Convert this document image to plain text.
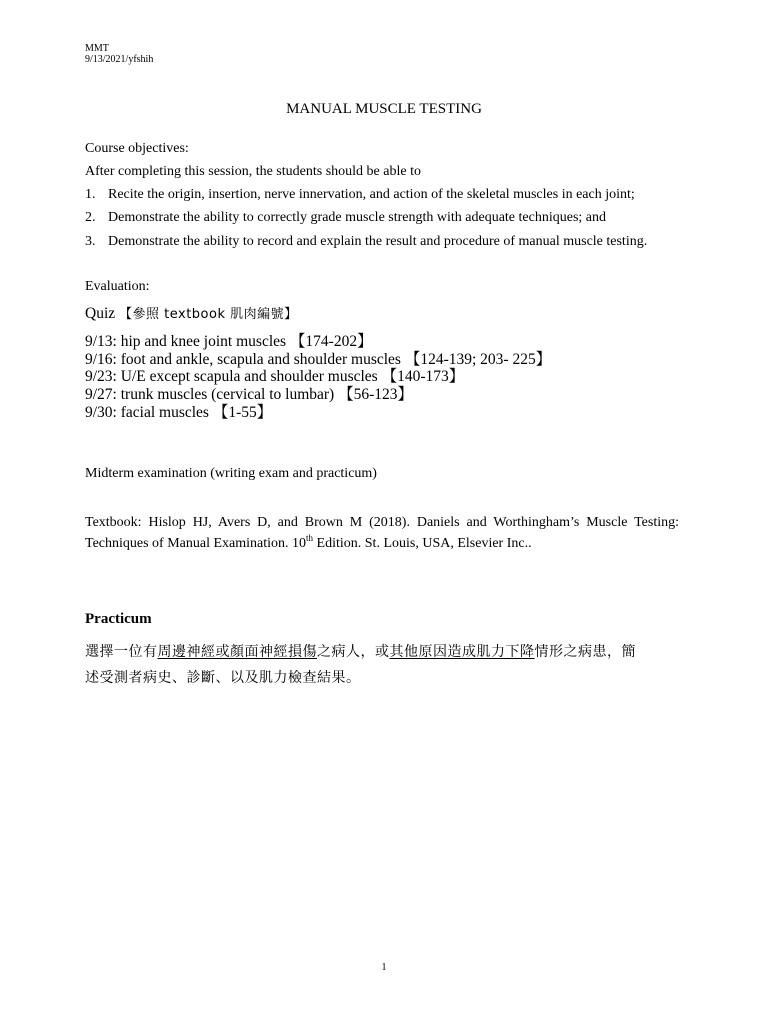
MMT
9/13/2021/yfshih
MANUAL MUSCLE TESTING
Course objectives:
After completing this session, the students should be able to
1. Recite the origin, insertion, nerve innervation, and action of the skeletal muscles in each joint;
2. Demonstrate the ability to correctly grade muscle strength with adequate techniques; and
3. Demonstrate the ability to record and explain the result and procedure of manual muscle testing.
Evaluation:
Quiz 【參照 textbook 肌肉編號】
9/13: hip and knee joint muscles 【174-202】
9/16: foot and ankle, scapula and shoulder muscles 【124-139; 203- 225】
9/23: U/E except scapula and shoulder muscles 【140-173】
9/27: trunk muscles (cervical to lumbar) 【56-123】
9/30: facial muscles 【1-55】
Midterm examination (writing exam and practicum)
Textbook: Hislop HJ, Avers D, and Brown M (2018). Daniels and Worthingham’s Muscle Testing:
Techniques of Manual Examination. 10th Edition. St. Louis, USA, Elsevier Inc..
Practicum
選擇一位有周邊神經或顏面神經損傷之病人，或其他原因造成肌力下降情形之病患，簡
述受測者病史、診斷、以及肌力檢查結果。
1
